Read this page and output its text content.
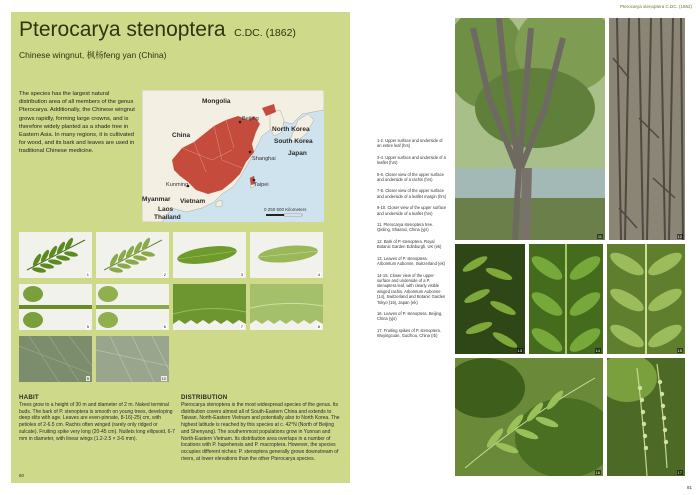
Pterocarya stenoptera C.DC. (1862)
Chinese wingnut, 枫杨feng yan (China)
The species has the largest natural distribution area of all members of the genus Pterocarya. Additionally, the Chinese wingnut grows rapidly, forming large crowns, and is therefore widely planted as a shade tree in Eastern Asia. In many regions, it is cultivated for wood, and its bark and leaves are used in traditional Chinese medicine.
Mongolia
China
Beijing
North Korea
South Korea
Japan
Shanghai
Taipei
Kunming
Myanmar Vietnam
Laos
Thailand
0 250 500 Kilometers
1	2	3	4
5	6	7	8
9	10
HABIT
Trees grow to a height of 30 m and diameter of 2 m. Naked terminal buds. The bark of P. stenoptera is smooth on young trees, developing deep slits with age. Leaves are even-pinnate, 8-16(-25) cm, with petioles of 2-6.5 cm. Rachis often winged (rarely only ridged or sulcate). Fruiting spike very long (20-45 cm). Nutlets long ellipsoid, 6-7 mm in diameter, with linear wings (1.2-2.5 × 3-6 mm).
DISTRIBUTION
Pterocarya stenoptera is the most widespread species of the genus. Its distribution covers almost all of South-Eastern China and extends to Taiwan, North-Eastern Vietnam and potentially also to North Korea. The highest latitude is reached by this species at c. 42°N (North of Beijing and Shenyang). The southernmost populations grow in Yunnan and North-Eastern Vietnam. Its distribution area overlaps in a number of locations with P. hupehensis and P. macroptera. However, the species occupies different niches: P. stenoptera generally grows downstream of rivers, at lower elevations than the other Pterocarya species.
80
Pterocarya stenoptera C.DC. (1862)
1-2. Upper surface and underside of an entire leaf (hrs)
3-4. Upper surface and underside of a leaflet (hrs)
5-6. Closer view of the upper surface and underside of a rachis (hrs)
7-8. Closer view of the upper surface and underside of a leaflet margin (hrs)
9-10. Closer view of the upper surface and underside of a leaflet (hrs)
11. Pterocarya stenoptera tree. Qinling, Shaanxi, China (yjs)
12. Bark of P. stenoptera. Royal Botanic Garden Edinburgh, UK (ek)
13. Leaves of P. stenoptera. Arboretum Aubonne, Switzerland (ek)
14-15. Closer view of the upper surface and underside of a P. stenoptera leaf, with clearly visible winged rachis. Arboretum Aubonne (14), Switzerland and Botanic Garden Tokyo (15), Japan (ek)
16. Leaves of P. stenoptera. Beijing, China (yjs)
17. Fruiting spikes of P. stenoptera. Wuyingcuan, Guizhou, China (rb)
11	12
13	14	15
16	17
81
